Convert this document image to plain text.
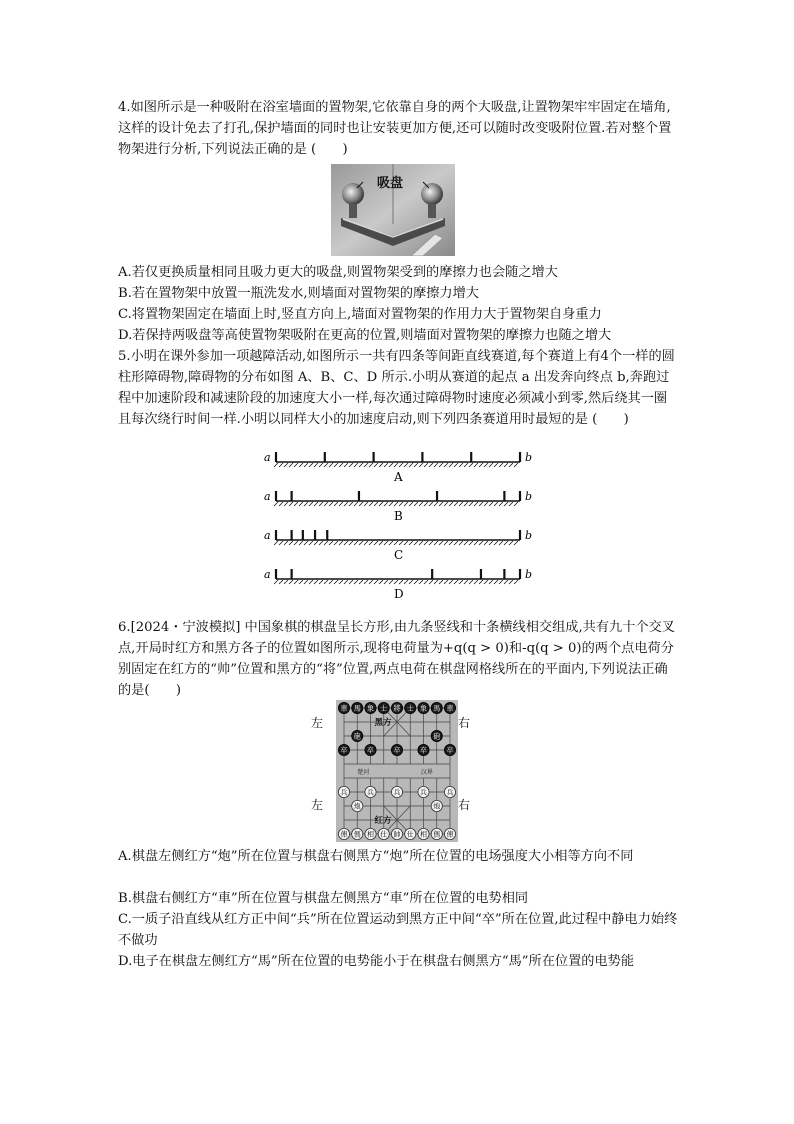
4.如图所示是一种吸附在浴室墙面的置物架,它依靠自身的两个大吸盘,让置物架牢牢固定在墙角,这样的设计免去了打孔,保护墙面的同时也让安装更加方便,还可以随时改变吸附位置.若对整个置物架进行分析,下列说法正确的是 (　　)

吸盘

A.若仅更换质量相同且吸力更大的吸盘,则置物架受到的摩擦力也会随之增大

B.若在置物架中放置一瓶洗发水,则墙面对置物架的摩擦力增大

C.将置物架固定在墙面上时,竖直方向上,墙面对置物架的作用力大于置物架自身重力

D.若保持两吸盘等高使置物架吸附在更高的位置,则墙面对置物架的摩擦力也随之增大

5.小明在课外参加一项越障活动,如图所示一共有四条等间距直线赛道,每个赛道上有4个一样的圆柱形障碍物,障碍物的分布如图 A、B、C、D 所示.小明从赛道的起点 a 出发奔向终点 b,奔跑过程中加速阶段和减速阶段的加速度大小一样,每次通过障碍物时速度必须减小到零,然后绕其一圈且每次绕行时间一样.小明以同样大小的加速度启动,则下列四条赛道用时最短的是 (　　)

a	b
A
a	b
B
a	b
C
a	b
D

6.[2024・宁波模拟] 中国象棋的棋盘呈长方形,由九条竖线和十条横线相交组成,共有九十个交叉点,开局时红方和黑方各子的位置如图所示,现将电荷量为+q(q > 0)和-q(q > 0)的两个点电荷分别固定在红方的“帅”位置和黑方的“将”位置,两点电荷在棋盘网格线所在的平面内,下列说法正确的是(　　)

左	右
左	右
楚河	汉界
車 馬 象 士 將 士 象 馬 車
砲	砲
卒	卒	卒	卒	卒
兵	兵	兵	兵	兵
炮	炮
俥 傌 相 仕 帥 仕 相 傌 俥
黑方
红方

A.棋盘左侧红方“炮”所在位置与棋盘右侧黑方“炮”所在位置的电场强度大小相等方向不同

B.棋盘右侧红方“車”所在位置与棋盘左侧黑方“車”所在位置的电势相同

C.一质子沿直线从红方正中间“兵”所在位置运动到黑方正中间“卒”所在位置,此过程中静电力始终不做功

D.电子在棋盘左侧红方“馬”所在位置的电势能小于在棋盘右侧黑方“馬”所在位置的电势能
